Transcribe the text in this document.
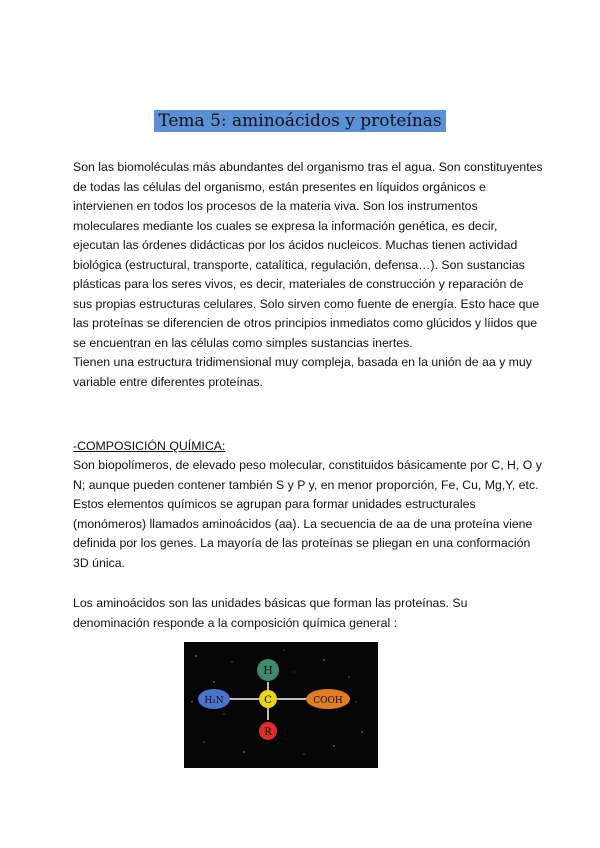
Tema 5: aminoácidos y proteínas
Son las biomoléculas más abundantes del organismo tras el agua. Son constituyentes de todas las células del organismo, están presentes en líquidos orgánicos e intervienen en todos los procesos de la materia viva. Son los instrumentos moleculares mediante los cuales se expresa la información genética, es decir, ejecutan las órdenes didácticas por los ácidos nucleicos. Muchas tienen actividad biológica (estructural, transporte, catalítica, regulación, defensa…). Son sustancias plásticas para los seres vivos, es decir, materiales de construcción y reparación de sus propias estructuras celulares. Solo sirven como fuente de energía. Esto hace que las proteínas se diferencien de otros principios inmediatos como glúcidos y líidos que se encuentran en las células como simples sustancias inertes.
Tienen una estructura tridimensional muy compleja, basada en la unión de aa y muy variable entre diferentes proteínas.

-COMPOSICIÓN QUÍMICA:

Son biopolímeros, de elevado peso molecular, constituidos básicamente por C, H, O y N; aunque pueden contener también S y P y, en menor proporción, Fe, Cu, Mg,Y, etc. Estos elementos químicos se agrupan para formar unidades estructurales (monómeros) llamados aminoácidos (aa). La secuencia de aa de una proteína viene definida por los genes. La mayoría de las proteínas se pliegan en una conformación 3D única.

Los aminoácidos son las unidades básicas que forman las proteínas. Su denominación responde a la composición química general :

H
C
H₂N	COOH
R
